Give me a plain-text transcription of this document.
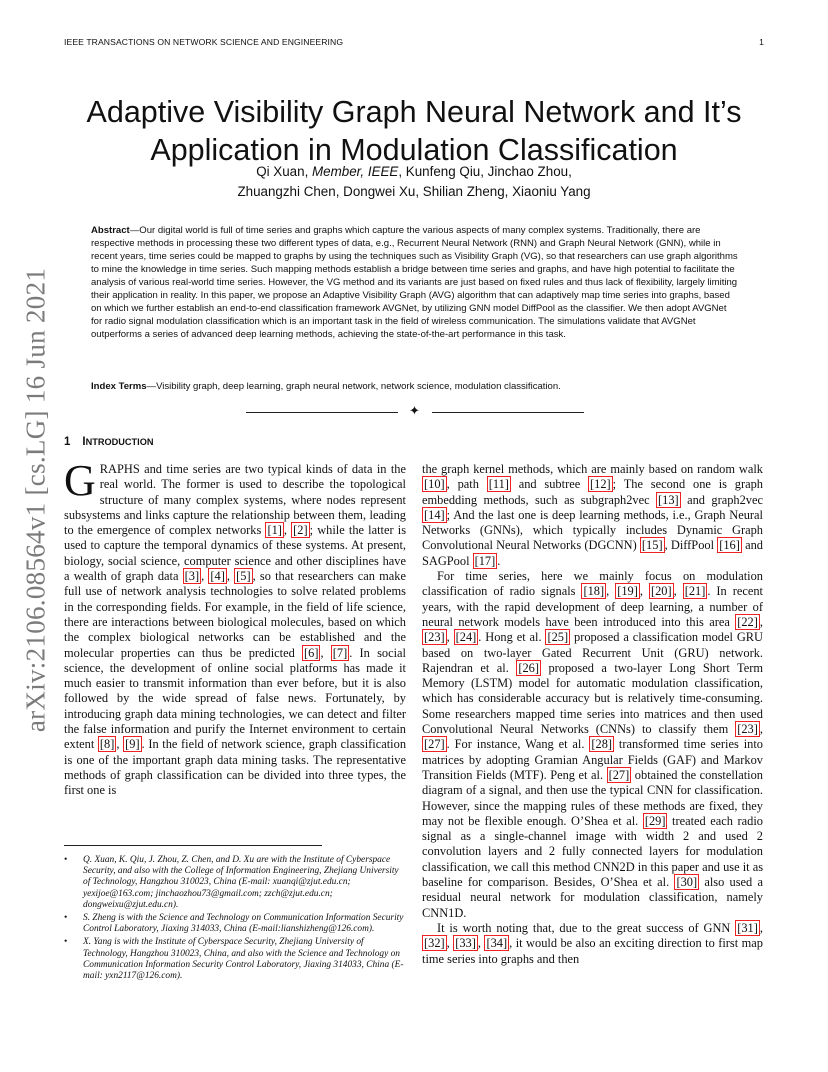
IEEE TRANSACTIONS ON NETWORK SCIENCE AND ENGINEERING	1
arXiv:2106.08564v1 [cs.LG] 16 Jun 2021
Adaptive Visibility Graph Neural Network and It’s
Application in Modulation Classification
Qi Xuan, Member, IEEE, Kunfeng Qiu, Jinchao Zhou,
Zhuangzhi Chen, Dongwei Xu, Shilian Zheng, Xiaoniu Yang
Abstract—Our digital world is full of time series and graphs which capture the various aspects of many complex systems. Traditionally, there are respective methods in processing these two different types of data, e.g., Recurrent Neural Network (RNN) and Graph Neural Network (GNN), while in recent years, time series could be mapped to graphs by using the techniques such as Visibility Graph (VG), so that researchers can use graph algorithms to mine the knowledge in time series. Such mapping methods establish a bridge between time series and graphs, and have high potential to facilitate the analysis of various real-world time series. However, the VG method and its variants are just based on fixed rules and thus lack of flexibility, largely limiting their application in reality. In this paper, we propose an Adaptive Visibility Graph (AVG) algorithm that can adaptively map time series into graphs, based on which we further establish an end-to-end classification framework AVGNet, by utilizing GNN model DiffPool as the classifier. We then adopt AVGNet for radio signal modulation classification which is an important task in the field of wireless communication. The simulations validate that AVGNet outperforms a series of advanced deep learning methods, achieving the state-of-the-art performance in this task.
Index Terms—Visibility graph, deep learning, graph neural network, network science, modulation classification.
✦
1 INTRODUCTION

GRAPHS and time series are two typical kinds of data in the real world. The former is used to describe the topological structure of many complex systems, where nodes represent subsystems and links capture the relationship between them, leading to the emergence of complex networks [1] , [2] ; while the latter is used to capture the temporal dynamics of these systems. At present, biology, social science, computer science and other disciplines have a wealth of graph data [3] , [4] , [5] , so that researchers can make full use of network analysis technologies to solve related problems in the corresponding fields. For example, in the field of life science, there are interactions between biological molecules, based on which the complex biological networks can be established and the molecular properties can thus be predicted [6] , [7] . In social science, the development of online social platforms has made it much easier to transmit information than ever before, but it is also followed by the wide spread of false news. Fortunately, by introducing graph data mining technologies, we can detect and filter the false information and purify the Internet environment to certain extent [8] , [9] . In the field of network science, graph classification is one of the important graph data mining tasks. The representative methods of graph classification can be divided into three types, the first one is

the graph kernel methods, which are mainly based on random walk [10] , path [11] and subtree [12] ; The second one is graph embedding methods, such as subgraph2vec [13] and graph2vec [14] ; And the last one is deep learning methods, i.e., Graph Neural Networks (GNNs), which typically includes Dynamic Graph Convolutional Neural Networks (DGCNN) [15] , DiffPool [16] and SAGPool [17] .

For time series, here we mainly focus on modulation classification of radio signals [18] , [19] , [20] , [21] . In recent years, with the rapid development of deep learning, a number of neural network models have been introduced into this area [22] , [23] , [24] . Hong et al. [25] proposed a classification model GRU based on two-layer Gated Recurrent Unit (GRU) network. Rajendran et al. [26] proposed a two-layer Long Short Term Memory (LSTM) model for automatic modulation classification, which has considerable accuracy but is relatively time-consuming. Some researchers mapped time series into matrices and then used Convolutional Neural Networks (CNNs) to classify them [23] , [27] . For instance, Wang et al. [28] transformed time series into matrices by adopting Gramian Angular Fields (GAF) and Markov Transition Fields (MTF). Peng et al. [27] obtained the constellation diagram of a signal, and then use the typical CNN for classification. However, since the mapping rules of these methods are fixed, they may not be flexible enough. O’Shea et al. [29] treated each radio signal as a single-channel image with width 2 and used 2 convolution layers and 2 fully connected layers for modulation classification, we call this method CNN2D in this paper and use it as baseline for comparison. Besides, O’Shea et al. [30] also used a residual neural network for modulation classification, namely CNN1D.

It is worth noting that, due to the great success of GNN [31] , [32] , [33] , [34] , it would be also an exciting direction to first map time series into graphs and then

• Q. Xuan, K. Qiu, J. Zhou, Z. Chen, and D. Xu are with the Institute of Cyberspace Security, and also with the College of Information Engineering, Zhejiang University of Technology, Hangzhou 310023, China (E-mail: xuanqi@zjut.edu.cn; yexijoe@163.com; jinchaozhou73@gmail.com; zzch@zjut.edu.cn; dongweixu@zjut.edu.cn).
• S. Zheng is with the Science and Technology on Communication Information Security Control Laboratory, Jiaxing 314033, China (E-mail:lianshizheng@126.com).
• X. Yang is with the Institute of Cyberspace Security, Zhejiang University of Technology, Hangzhou 310023, China, and also with the Science and Technology on Communication Information Security Control Laboratory, Jiaxing 314033, China (E-mail: yxn2117@126.com).
